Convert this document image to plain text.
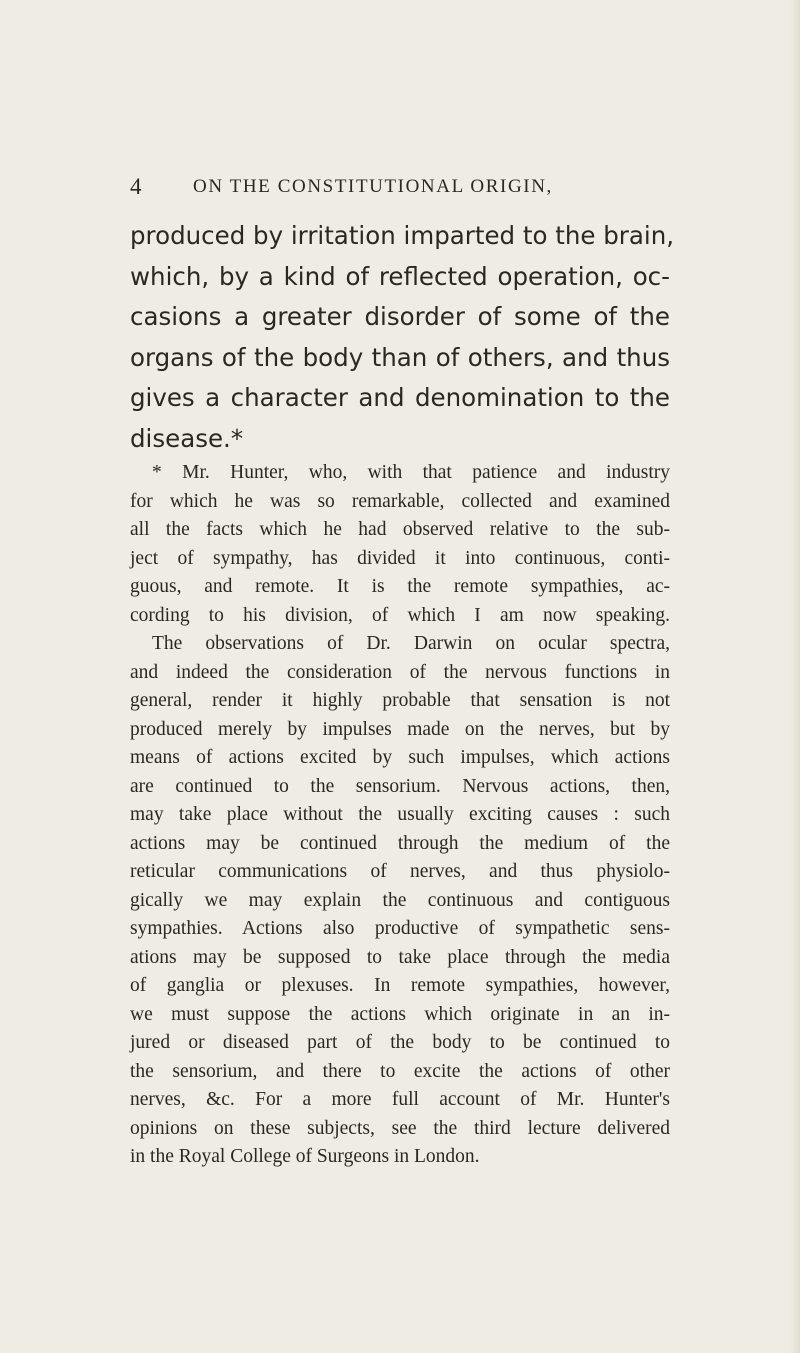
4	ON THE CONSTITUTIONAL ORIGIN,
produced by irritation imparted to the brain,
which, by a kind of reflected operation, oc-
casions a greater disorder of some of the
organs of the body than of others, and thus
gives a character and denomination to the
disease.*
* Mr. Hunter, who, with that patience and industry
for which he was so remarkable, collected and examined
all the facts which he had observed relative to the sub-
ject of sympathy, has divided it into continuous, conti-
guous, and remote. It is the remote sympathies, ac-
cording to his division, of which I am now speaking.
The observations of Dr. Darwin on ocular spectra,
and indeed the consideration of the nervous functions in
general, render it highly probable that sensation is not
produced merely by impulses made on the nerves, but by
means of actions excited by such impulses, which actions
are continued to the sensorium. Nervous actions, then,
may take place without the usually exciting causes : such
actions may be continued through the medium of the
reticular communications of nerves, and thus physiolo-
gically we may explain the continuous and contiguous
sympathies. Actions also productive of sympathetic sens-
ations may be supposed to take place through the media
of ganglia or plexuses. In remote sympathies, however,
we must suppose the actions which originate in an in-
jured or diseased part of the body to be continued to
the sensorium, and there to excite the actions of other
nerves, &c. For a more full account of Mr. Hunter's
opinions on these subjects, see the third lecture delivered
in the Royal College of Surgeons in London.
